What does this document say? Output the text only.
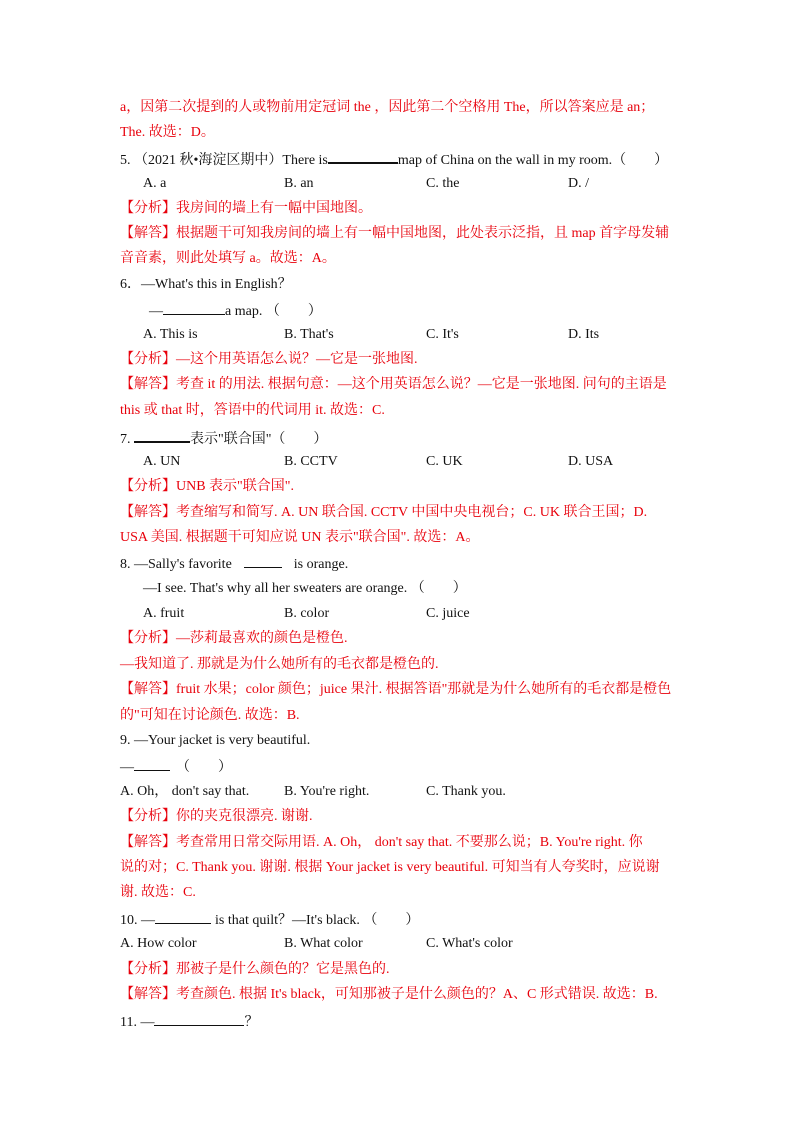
a，因第二次提到的人或物前用定冠词 the ，因此第二个空格用 The，所以答案应是 an；
The. 故选：D。
5. （2021 秋•海淀区期中）There is	map of China on the wall in my room.（　　）
A. a	B. an	C. the	D. /
【分析】我房间的墙上有一幅中国地图。
【解答】根据题干可知我房间的墙上有一幅中国地图，此处表示泛指，且 map 首字母发辅
音音素，则此处填写 a。故选：A。
6．—What's this in English？
—	a map. （　　）
A. This is	B. That's	C. It's	D. Its
【分析】—这个用英语怎么说？—它是一张地图.
【解答】考查 it 的用法. 根据句意：—这个用英语怎么说？—它是一张地图. 问句的主语是
this 或 that 时，答语中的代词用 it. 故选：C.
7.	表示"联合国"（　　）
A. UN	B. CCTV	C. UK	D. USA
【分析】UNB 表示"联合国".
【解答】考查缩写和简写. A. UN 联合国. CCTV 中国中央电视台；C. UK 联合王国；D.
USA 美国. 根据题干可知应说 UN 表示"联合国". 故选：A。
8. —Sally's favorite	is orange.
—I see. That's why all her sweaters are orange. （　　）
A. fruit	B. color	C. juice
【分析】—莎莉最喜欢的颜色是橙色.
—我知道了. 那就是为什么她所有的毛衣都是橙色的.
【解答】fruit 水果；color 颜色；juice 果汁. 根据答语"那就是为什么她所有的毛衣都是橙色
的"可知在讨论颜色. 故选：B.
9. —Your jacket is very beautiful.
—	（　　）
A. Oh， don't say that. B. You're right.	C. Thank you.
【分析】你的夹克很漂亮. 谢谢.
【解答】考查常用日常交际用语. A. Oh， don't say that. 不要那么说；B. You're right. 你
说的对；C. Thank you. 谢谢. 根据 Your jacket is very beautiful. 可知当有人夸奖时，应说谢
谢. 故选：C.
10. —	is that quilt？—It's black. （　　）
A. How color	B. What color	C. What's color
【分析】那被子是什么颜色的？它是黑色的.
【解答】考查颜色. 根据 It's black，可知那被子是什么颜色的？A、C 形式错误. 故选：B.
11. —	？
